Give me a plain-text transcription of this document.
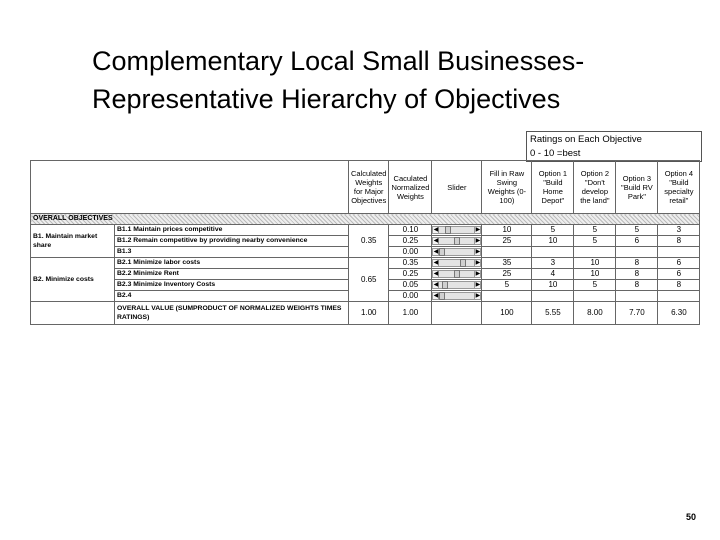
Complementary Local Small Businesses-
Representative Hierarchy of Objectives
Ratings on Each Objective
0 - 10 =best
		Calculated Weights for Major Objectives	Caculated Normalized Weights	Slider	Fill in Raw Swing Weights (0-100)	Option 1 "Build Home Depot"	Option 2 "Don't develop the land"	Option 3 "Build RV Park"	Option 4 "Build specialty retail"
OVERALL OBJECTIVES									
B1. Maintain market share	B1.1 Maintain prices competitive	0.35	0.10	◀ ▶	10	5	5	5	3
	B1.2 Remain competitive by providing nearby convenience		0.25	◀ ▶	25	10	5	6	8
	B1.3		0.00	◀ ▶					

B2. Minimize costs	B2.1 Minimize labor costs	0.65	0.35	◀ ▶	35	3	10	8	6
	B2.2 Minimize Rent		0.25	◀ ▶	25	4	10	8	6
	B2.3 Minimize Inventory Costs		0.05	◀ ▶	5	10	5	8	8
	B2.4		0.00	◀ ▶					

	OVERALL VALUE (SUMPRODUCT OF NORMALIZED WEIGHTS TIMES RATINGS)	1.00	1.00		100	5.55	8.00	7.70	6.30
50
